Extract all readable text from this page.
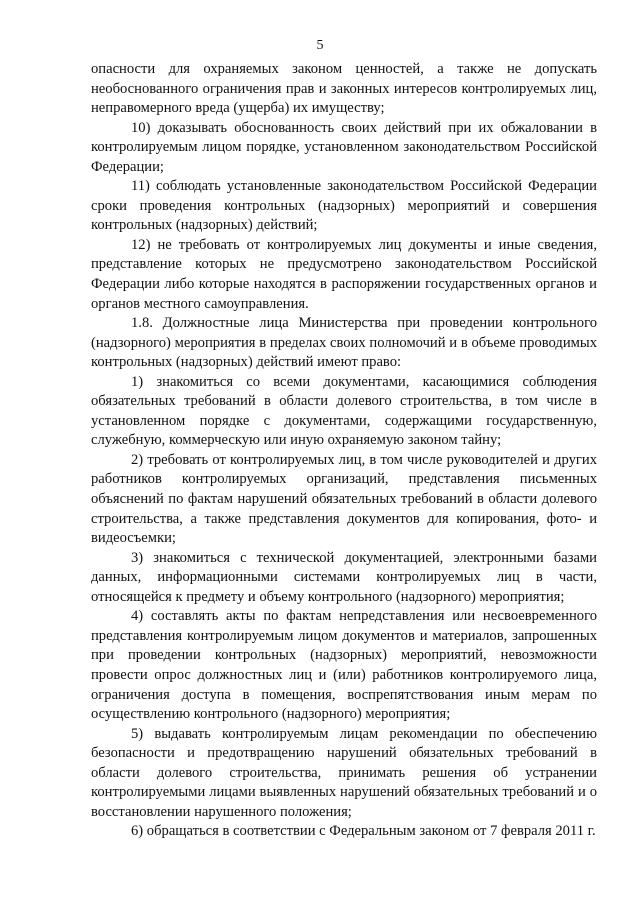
5

опасности для охраняемых законом ценностей, а также не допускать необоснованного ограничения прав и законных интересов контролируемых лиц, неправомерного вреда (ущерба) их имуществу;

10) доказывать обоснованность своих действий при их обжаловании в контролируемым лицом порядке, установленном законодательством Российской Федерации;

11) соблюдать установленные законодательством Российской Федерации сроки проведения контрольных (надзорных) мероприятий и совершения контрольных (надзорных) действий;

12) не требовать от контролируемых лиц документы и иные сведения, представление которых не предусмотрено законодательством Российской Федерации либо которые находятся в распоряжении государственных органов и органов местного самоуправления.

1.8. Должностные лица Министерства при проведении контрольного (надзорного) мероприятия в пределах своих полномочий и в объеме проводимых контрольных (надзорных) действий имеют право:

1) знакомиться со всеми документами, касающимися соблюдения обязательных требований в области долевого строительства, в том числе в установленном порядке с документами, содержащими государственную, служебную, коммерческую или иную охраняемую законом тайну;

2) требовать от контролируемых лиц, в том числе руководителей и других работников контролируемых организаций, представления письменных объяснений по фактам нарушений обязательных требований в области долевого строительства, а также представления документов для копирования, фото- и видеосъемки;

3) знакомиться с технической документацией, электронными базами данных, информационными системами контролируемых лиц в части, относящейся к предмету и объему контрольного (надзорного) мероприятия;

4) составлять акты по фактам непредставления или несвоевременного представления контролируемым лицом документов и материалов, запрошенных при проведении контрольных (надзорных) мероприятий, невозможности провести опрос должностных лиц и (или) работников контролируемого лица, ограничения доступа в помещения, воспрепятствования иным мерам по осуществлению контрольного (надзорного) мероприятия;

5) выдавать контролируемым лицам рекомендации по обеспечению безопасности и предотвращению нарушений обязательных требований в области долевого строительства, принимать решения об устранении контролируемыми лицами выявленных нарушений обязательных требований и о восстановлении нарушенного положения;

6) обращаться в соответствии с Федеральным законом от 7 февраля 2011 г.
